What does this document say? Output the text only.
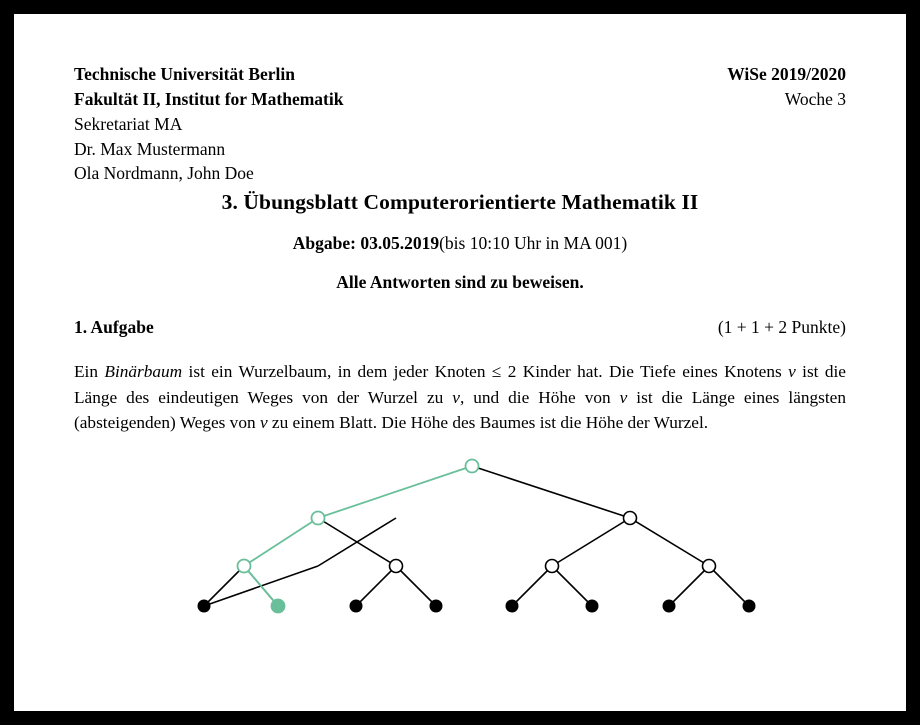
Technische Universität Berlin
Fakultät II, Institut for Mathematik
Sekretariat MA
Dr. Max Mustermann
Ola Nordmann, John Doe
WiSe 2019/2020
Woche 3
3. Übungsblatt Computerorientierte Mathematik II
Abgabe: 03.05.2019(bis 10:10 Uhr in MA 001)
Alle Antworten sind zu beweisen.
1. Aufgabe	(1 + 1 + 2 Punkte)
Ein Binärbaum ist ein Wurzelbaum, in dem jeder Knoten ≤ 2 Kinder hat. Die Tiefe eines Knotens v ist die Länge des eindeutigen Weges von der Wurzel zu v, und die Höhe von v ist die Länge eines längsten (absteigenden) Weges von v zu einem Blatt. Die Höhe des Baumes ist die Höhe der Wurzel.
